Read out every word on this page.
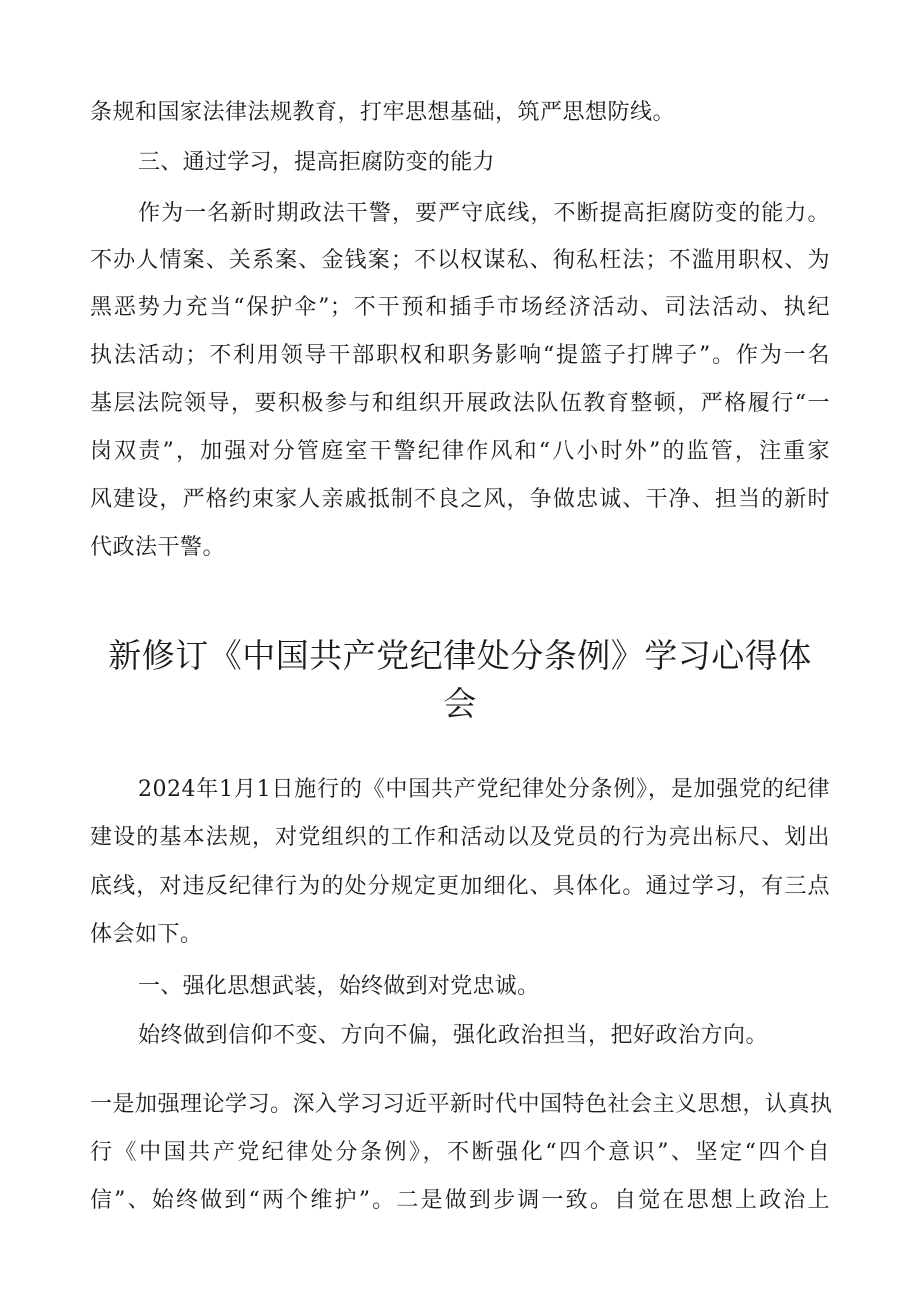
条规和国家法律法规教育，打牢思想基础，筑严思想防线。
三、通过学习，提高拒腐防变的能力
作为一名新时期政法干警，要严守底线，不断提高拒腐防变的能力。
不办人情案、关系案、金钱案；不以权谋私、徇私枉法；不滥用职权、为
黑恶势力充当“保护伞”；不干预和插手市场经济活动、司法活动、执纪
执法活动；不利用领导干部职权和职务影响“提篮子打牌子”。作为一名
基层法院领导，要积极参与和组织开展政法队伍教育整顿，严格履行“一
岗双责”，加强对分管庭室干警纪律作风和“八小时外”的监管，注重家
风建设，严格约束家人亲戚抵制不良之风，争做忠诚、干净、担当的新时
代政法干警。
新修订《中国共产党纪律处分条例》学习心得体
会
2024年1月1日施行的《中国共产党纪律处分条例》，是加强党的纪律
建设的基本法规，对党组织的工作和活动以及党员的行为亮出标尺、划出
底线，对违反纪律行为的处分规定更加细化、具体化。通过学习，有三点
体会如下。
一、强化思想武装，始终做到对党忠诚。
始终做到信仰不变、方向不偏，强化政治担当，把好政治方向。
一是加强理论学习。深入学习习近平新时代中国特色社会主义思想，认真执
行《中国共产党纪律处分条例》，不断强化“四个意识”、坚定“四个自
信”、始终做到“两个维护”。二是做到步调一致。自觉在思想上政治上
